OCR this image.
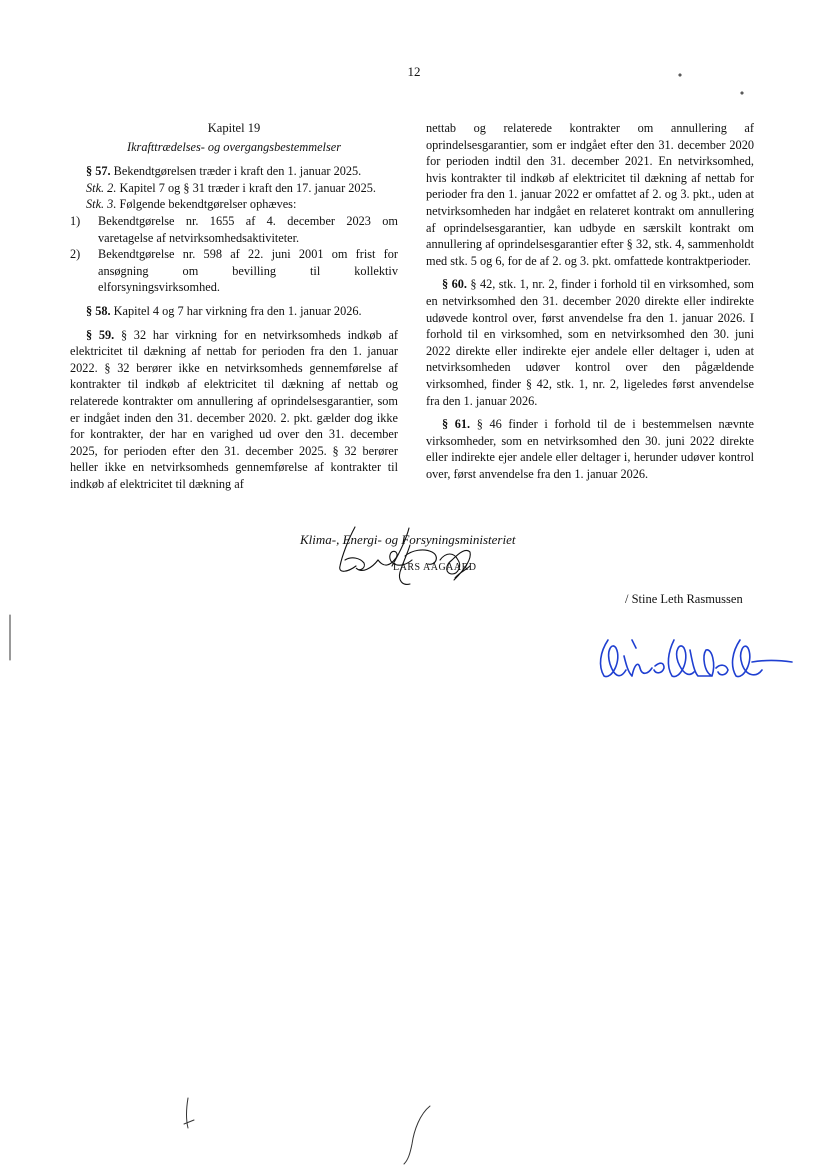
12
Kapitel 19
Ikrafttrædelses- og overgangsbestemmelser

§ 57. Bekendtgørelsen træder i kraft den 1. januar 2025.

Stk. 2. Kapitel 7 og § 31 træder i kraft den 17. januar 2025.

Stk. 3. Følgende bekendtgørelser ophæves:

1) Bekendtgørelse nr. 1655 af 4. december 2023 om varetagelse af netvirksomhedsaktiviteter.
2) Bekendtgørelse nr. 598 af 22. juni 2001 om frist for ansøgning om bevilling til kollektiv elforsyningsvirksomhed.

§ 58. Kapitel 4 og 7 har virkning fra den 1. januar 2026.

§ 59. § 32 har virkning for en netvirksomheds indkøb af elektricitet til dækning af nettab for perioden fra den 1. januar 2022. § 32 berører ikke en netvirksomheds gennemførelse af kontrakter til indkøb af elektricitet til dækning af nettab og relaterede kontrakter om annullering af oprindelsesgarantier, som er indgået inden den 31. december 2020. 2. pkt. gælder dog ikke for kontrakter, der har en varighed ud over den 31. december 2025, for perioden efter den 31. december 2025. § 32 berører heller ikke en netvirksomheds gennemførelse af kontrakter til indkøb af elektricitet til dækning af

nettab og relaterede kontrakter om annullering af oprindelsesgarantier, som er indgået efter den 31. december 2020 for perioden indtil den 31. december 2021. En netvirksomhed, hvis kontrakter til indkøb af elektricitet til dækning af nettab for perioder fra den 1. januar 2022 er omfattet af 2. og 3. pkt., uden at netvirksomheden har indgået en relateret kontrakt om annullering af oprindelsesgarantier, kan udbyde en særskilt kontrakt om annullering af oprindelsesgarantier efter § 32, stk. 4, sammenholdt med stk. 5 og 6, for de af 2. og 3. pkt. omfattede kontraktperioder.

§ 60. § 42, stk. 1, nr. 2, finder i forhold til en virksomhed, som en netvirksomhed den 31. december 2020 direkte eller indirekte udøvede kontrol over, først anvendelse fra den 1. januar 2026. I forhold til en virksomhed, som en netvirksomhed den 30. juni 2022 direkte eller indirekte ejer andele eller deltager i, uden at netvirksomheden udøver kontrol over den pågældende virksomhed, finder § 42, stk. 1, nr. 2, ligeledes først anvendelse fra den 1. januar 2026.

§ 61. § 46 finder i forhold til de i bestemmelsen nævnte virksomheder, som en netvirksomhed den 30. juni 2022 direkte eller indirekte ejer andele eller deltager i, herunder udøver kontrol over, først anvendelse fra den 1. januar 2026.

Klima-, Energi- og Forsyningsministeriet
LARS AAGAARD
/ Stine Leth Rasmussen
